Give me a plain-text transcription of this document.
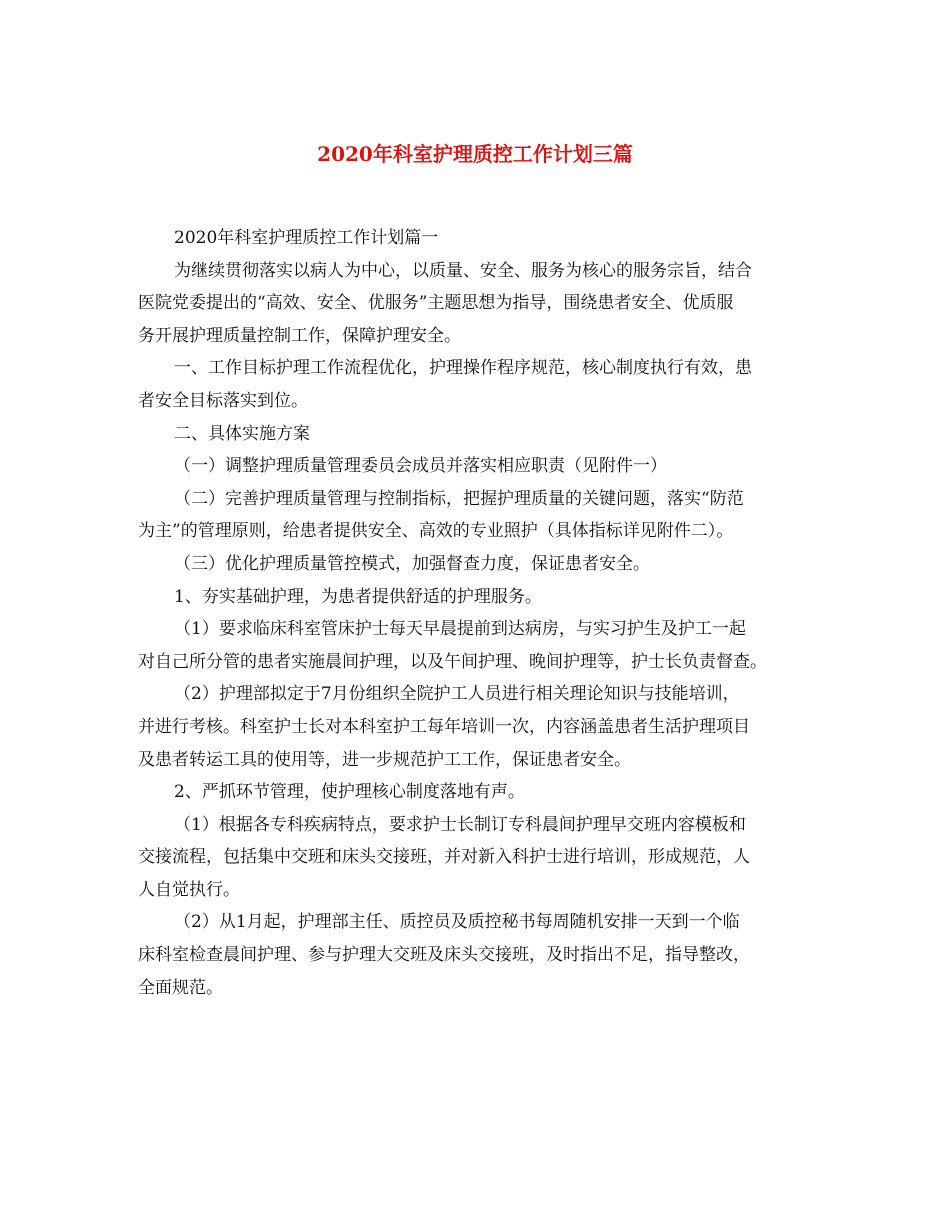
2020年科室护理质控工作计划三篇

2020年科室护理质控工作计划篇一

为继续贯彻落实以病人为中心，以质量、安全、服务为核心的服务宗旨，结合

医院党委提出的“高效、安全、优服务”主题思想为指导，围绕患者安全、优质服

务开展护理质量控制工作，保障护理安全。

一、工作目标护理工作流程优化，护理操作程序规范，核心制度执行有效，患

者安全目标落实到位。

二、具体实施方案

（一）调整护理质量管理委员会成员并落实相应职责（见附件一）

（二）完善护理质量管理与控制指标，把握护理质量的关键问题，落实“防范

为主”的管理原则，给患者提供安全、高效的专业照护（具体指标详见附件二）。

（三）优化护理质量管控模式，加强督查力度，保证患者安全。

1、夯实基础护理，为患者提供舒适的护理服务。

（1）要求临床科室管床护士每天早晨提前到达病房，与实习护生及护工一起

对自己所分管的患者实施晨间护理，以及午间护理、晚间护理等，护士长负责督查。

（2）护理部拟定于7月份组织全院护工人员进行相关理论知识与技能培训，

并进行考核。科室护士长对本科室护工每年培训一次，内容涵盖患者生活护理项目

及患者转运工具的使用等，进一步规范护工工作，保证患者安全。

2、严抓环节管理，使护理核心制度落地有声。

（1）根据各专科疾病特点，要求护士长制订专科晨间护理早交班内容模板和

交接流程，包括集中交班和床头交接班，并对新入科护士进行培训，形成规范，人

人自觉执行。

（2）从1月起，护理部主任、质控员及质控秘书每周随机安排一天到一个临

床科室检查晨间护理、参与护理大交班及床头交接班，及时指出不足，指导整改，

全面规范。
